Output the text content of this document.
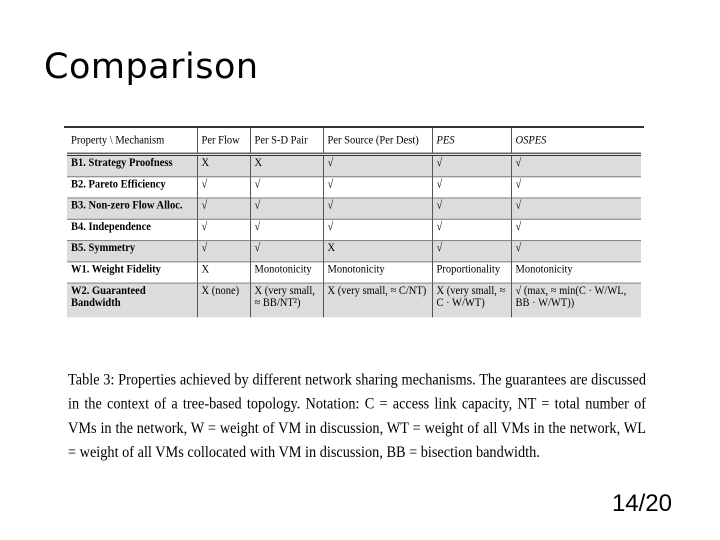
Comparison
Property \ Mechanism	Per Flow	Per S-D Pair	Per Source (Per Dest)	PES	OSPES
B1. Strategy Proofness	X	X	√	√	√
B2. Pareto Efficiency	√	√	√	√	√
B3. Non-zero Flow Alloc.	√	√	√	√	√
B4. Independence	√	√	√	√	√
B5. Symmetry	√	√	X	√	√
W1. Weight Fidelity	X	Monotonicity	Monotonicity	Proportionality	Monotonicity
W2. Guaranteed Bandwidth	X (none)	X (very small, ≈ BB/NT²)	X (very small, ≈ C/NT)	X (very small, ≈ C · W/WT)	√ (max, ≈ min(C · W/WL, BB · W/WT))
Table 3: Properties achieved by different network sharing mechanisms. The guarantees are discussed in the context of a tree-based topology. Notation: C = access link capacity, NT = total number of VMs in the network, W = weight of VM in discussion, WT = weight of all VMs in the network, WL = weight of all VMs collocated with VM in discussion, BB = bisection bandwidth.
14/20
